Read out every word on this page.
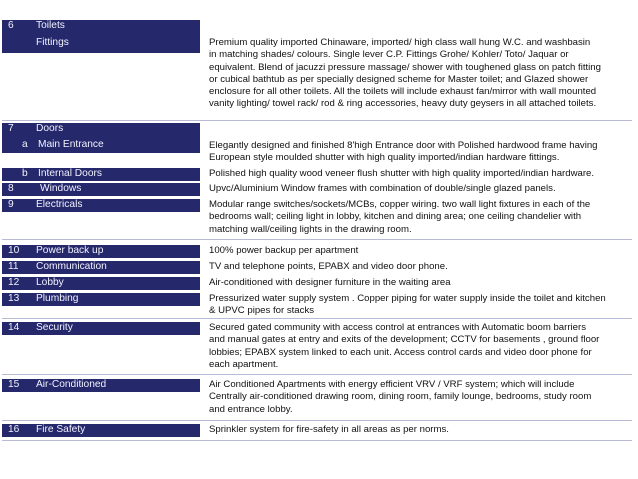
6 Toilets
Fittings	Premium quality imported Chinaware, imported/ high class wall hung W.C. and washbasin
in matching shades/ colours. Single lever C.P. Fittings Grohe/ Kohler/ Toto/ Jaquar or
equivalent. Blend of jacuzzi pressure massage/ shower with toughened glass on patch fitting
or cubical bathtub as per specially designed scheme for Master toilet; and Glazed shower
enclosure for all other toilets. All the toilets will include exhaust fan/mirror with wall mounted
vanity lighting/ towel rack/ rod & ring accessories, heavy duty geysers in all attached toilets.
7 Doors
a Main Entrance	Elegantly designed and finished 8'high Entrance door with Polished hardwood frame having
European style moulded shutter with high quality imported/indian hardware fittings.
b Internal Doors	Polished high quality wood veneer flush shutter with high quality imported/indian hardware.
8	Windows	Upvc/Aluminium Window frames with combination of double/single glazed panels.
9 Electricals	Modular range switches/sockets/MCBs, copper wiring. two wall light fixtures in each of the
bedrooms wall; ceiling light in lobby, kitchen and dining area; one ceiling chandelier with
matching wall/ceiling lights in the drawing room.
10 Power back up	100% power backup per apartment
11 Communication	TV and telephone points, EPABX and video door phone.
12 Lobby	Air-conditioned with designer furniture in the waiting area
13 Plumbing	Pressurized water supply system . Copper piping for water supply inside the toilet and kitchen
& UPVC pipes for stacks
14 Security	Secured gated community with access control at entrances with Automatic boom barriers
and manual gates at entry and exits of the development; CCTV for basements , ground floor
lobbies; EPABX system linked to each unit. Access control cards and video door phone for
each apartment.
15 Air-Conditioned	Air Conditioned Apartments with energy efficient VRV / VRF system; which will include
Centrally air-conditioned drawing room, dining room, family lounge, bedrooms, study room
and entrance lobby.
16 Fire Safety	Sprinkler system for fire-safety in all areas as per norms.
